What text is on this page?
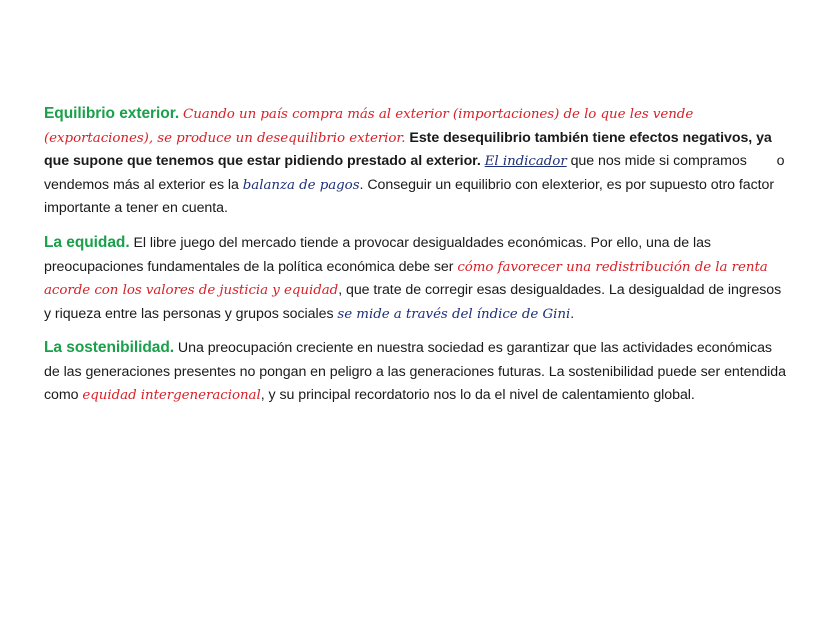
Equilibrio exterior. Cuando un país compra más al exterior (importaciones) de lo que les vende (exportaciones), se produce un desequilibrio exterior. Este desequilibrio también tiene efectos negativos, ya que supone que tenemos que estar pidiendo prestado al exterior. El indicador que nos mide si compramos o vendemos más al exterior es la balanza de pagos. Conseguir un equilibrio con elexterior, es por supuesto otro factor importante a tener en cuenta.

La equidad. El libre juego del mercado tiende a provocar desigualdades económicas. Por ello, una de las preocupaciones fundamentales de la política económica debe ser cómo favorecer una redistribución de la renta acorde con los valores de justicia y equidad, que trate de corregir esas desigualdades. La desigualdad de ingresos y riqueza entre las personas y grupos sociales se mide a través del índice de Gini.

La sostenibilidad. Una preocupación creciente en nuestra sociedad es garantizar que las actividades económicas de las generaciones presentes no pongan en peligro a las generaciones futuras. La sostenibilidad puede ser entendida como equidad intergeneracional, y su principal recordatorio nos lo da el nivel de calentamiento global.
